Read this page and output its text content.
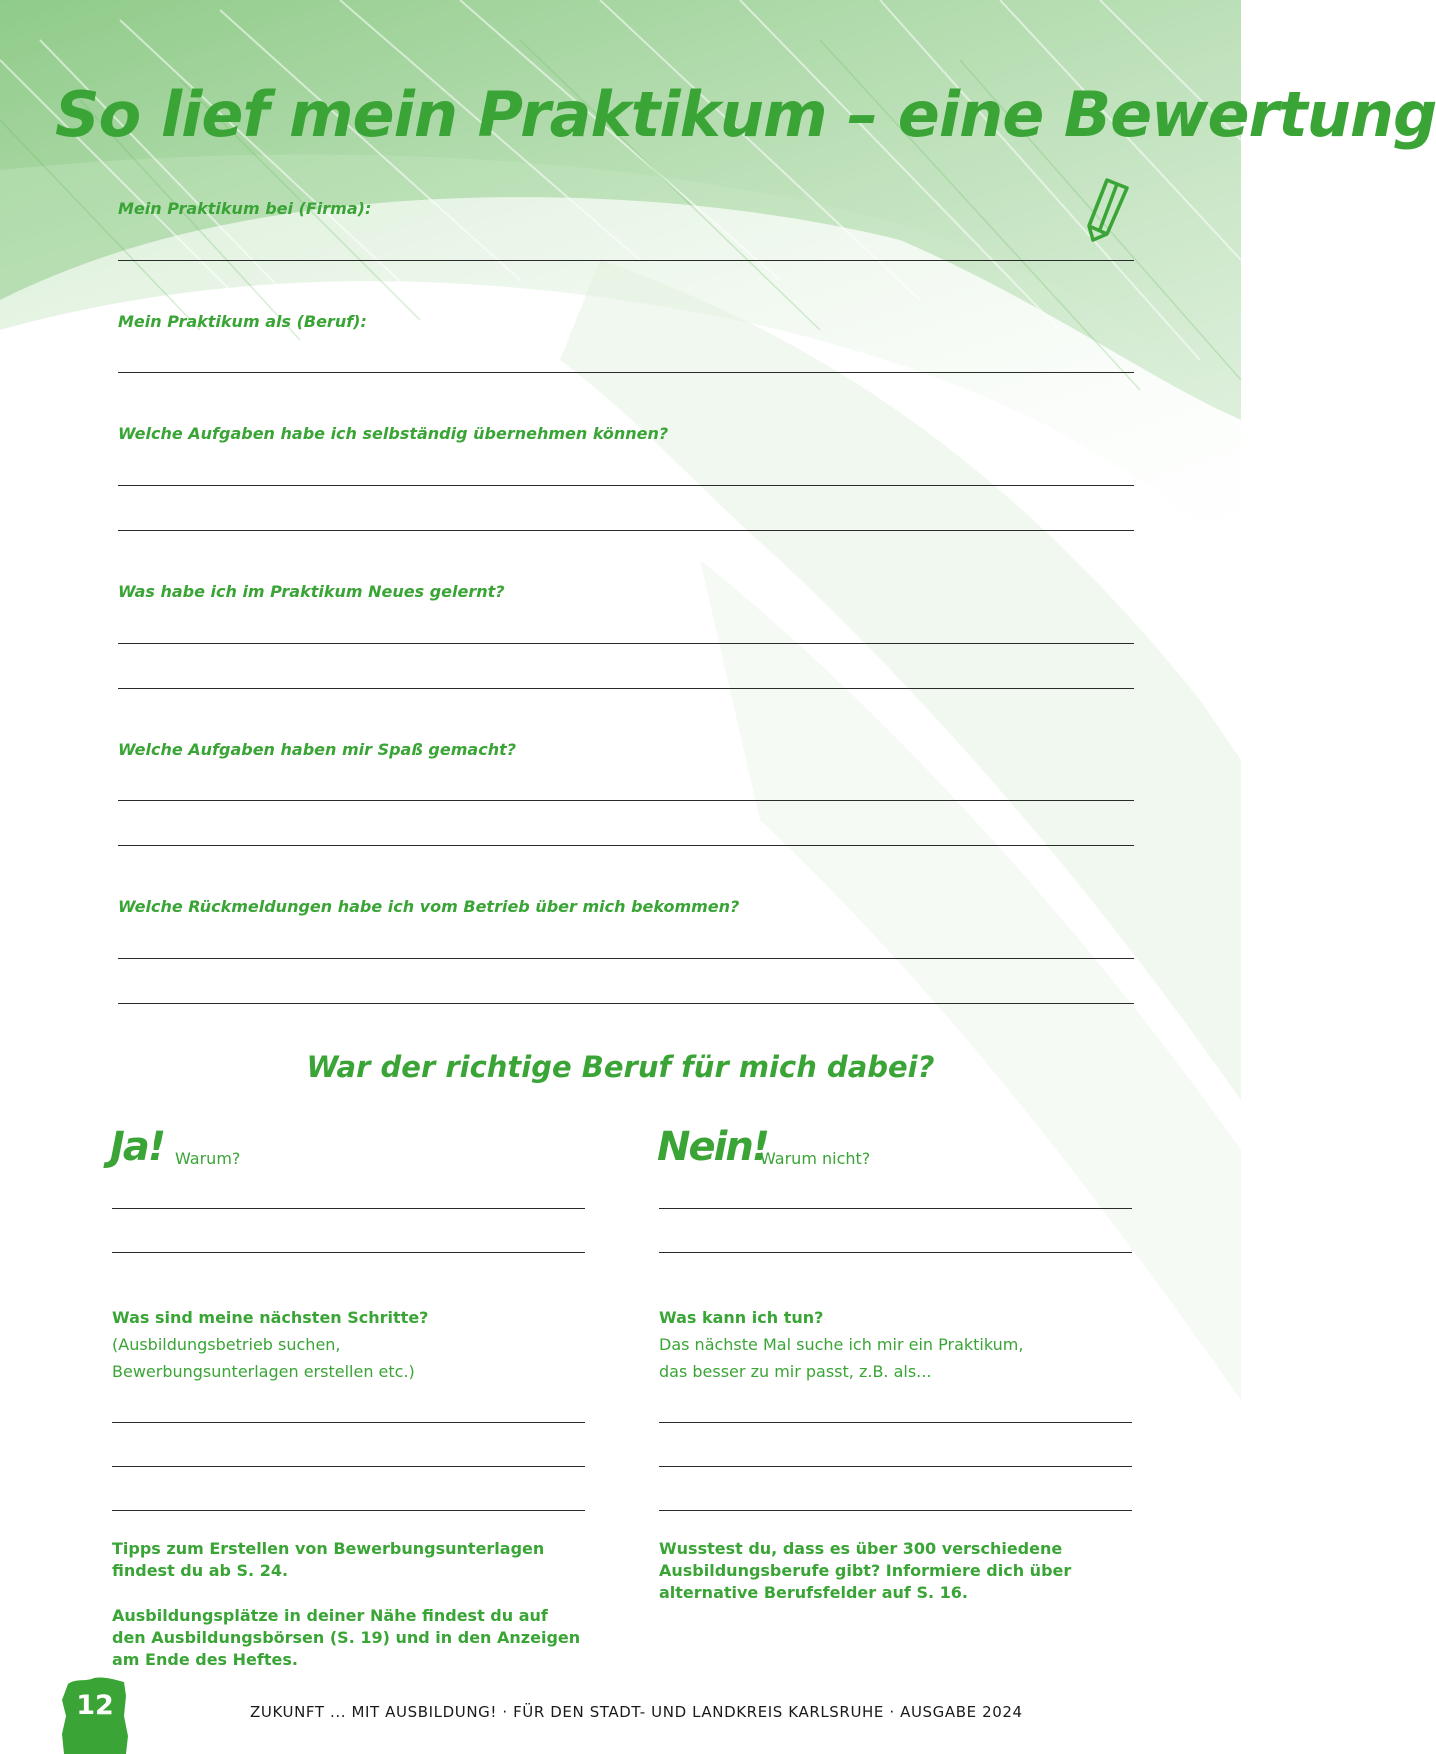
So lief mein Praktikum – eine Bewertung

Mein Praktikum bei (Firma):

Mein Praktikum als (Beruf):

Welche Aufgaben habe ich selbständig übernehmen können?

Was habe ich im Praktikum Neues gelernt?

Welche Aufgaben haben mir Spaß gemacht?

Welche Rückmeldungen habe ich vom Betrieb über mich bekommen?

War der richtige Beruf für mich dabei?
Ja! Warum?
Was sind meine nächsten Schritte?
(Ausbildungsbetrieb suchen,
Bewerbungsunterlagen erstellen etc.)
Tipps zum Erstellen von Bewerbungsunterlagen findest du ab S. 24.
Ausbildungsplätze in deiner Nähe findest du auf den Ausbildungsbörsen (S. 19) und in den Anzeigen am Ende des Heftes.
Nein!
Warum nicht?
Was kann ich tun?
Das nächste Mal suche ich mir ein Praktikum,
das besser zu mir passt, z.B. als...
Wusstest du, dass es über 300 verschiedene Ausbildungsberufe gibt? Informiere dich über alternative Berufsfelder auf S. 16.
12	ZUKUNFT ... MIT AUSBILDUNG! · FÜR DEN STADT- UND LANDKREIS KARLSRUHE · AUSGABE 2024
